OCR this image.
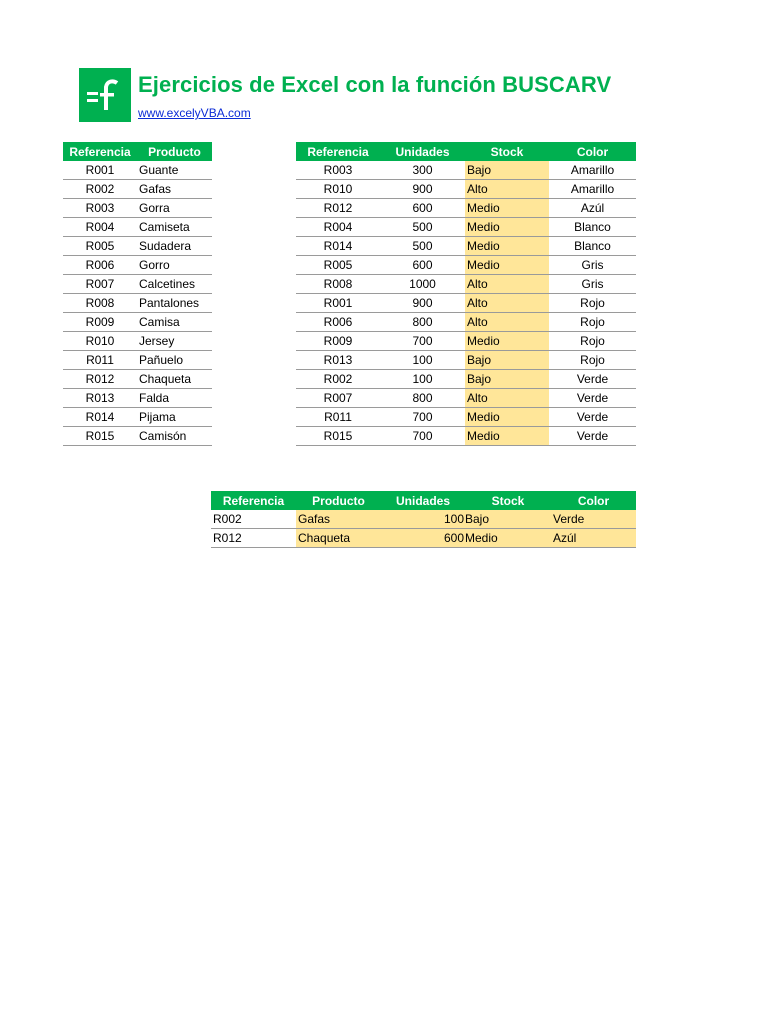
Ejercicios de Excel con la función BUSCARV
www.excelyVBA.com
Referencia	Producto
R001	Guante
R002	Gafas
R003	Gorra
R004	Camiseta
R005	Sudadera
R006	Gorro
R007	Calcetines
R008	Pantalones
R009	Camisa
R010	Jersey
R011	Pañuelo
R012	Chaqueta
R013	Falda
R014	Pijama
R015	Camisón
Referencia	Unidades	Stock	Color
R003	300	Bajo	Amarillo
R010	900	Alto	Amarillo
R012	600	Medio	Azúl
R004	500	Medio	Blanco
R014	500	Medio	Blanco
R005	600	Medio	Gris
R008	1000	Alto	Gris
R001	900	Alto	Rojo
R006	800	Alto	Rojo
R009	700	Medio	Rojo
R013	100	Bajo	Rojo
R002	100	Bajo	Verde
R007	800	Alto	Verde
R011	700	Medio	Verde
R015	700	Medio	Verde
Referencia	Producto	Unidades	Stock	Color
R002	Gafas	100	Bajo	Verde
R012	Chaqueta	600	Medio	Azúl
